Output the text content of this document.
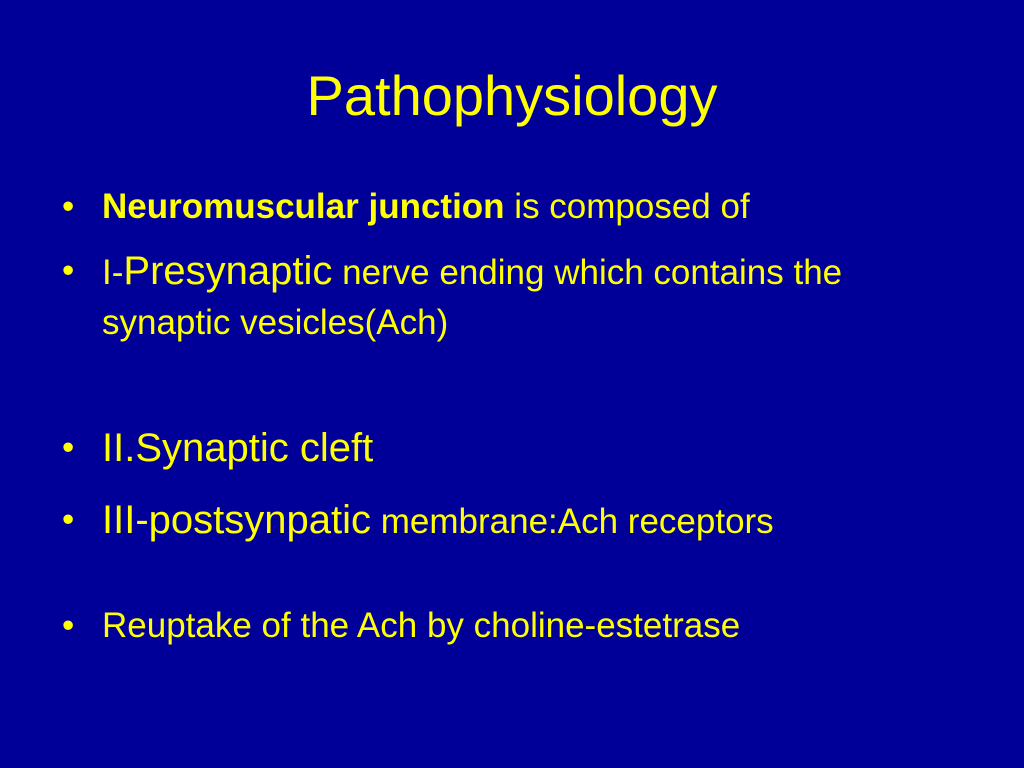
Pathophysiology
• Neuromuscular junction is composed of
• I-Presynaptic nerve ending which contains the synaptic vesicles(Ach)
• II.Synaptic cleft
• III-postsynpatic membrane:Ach receptors
• Reuptake of the Ach by choline-estetrase
